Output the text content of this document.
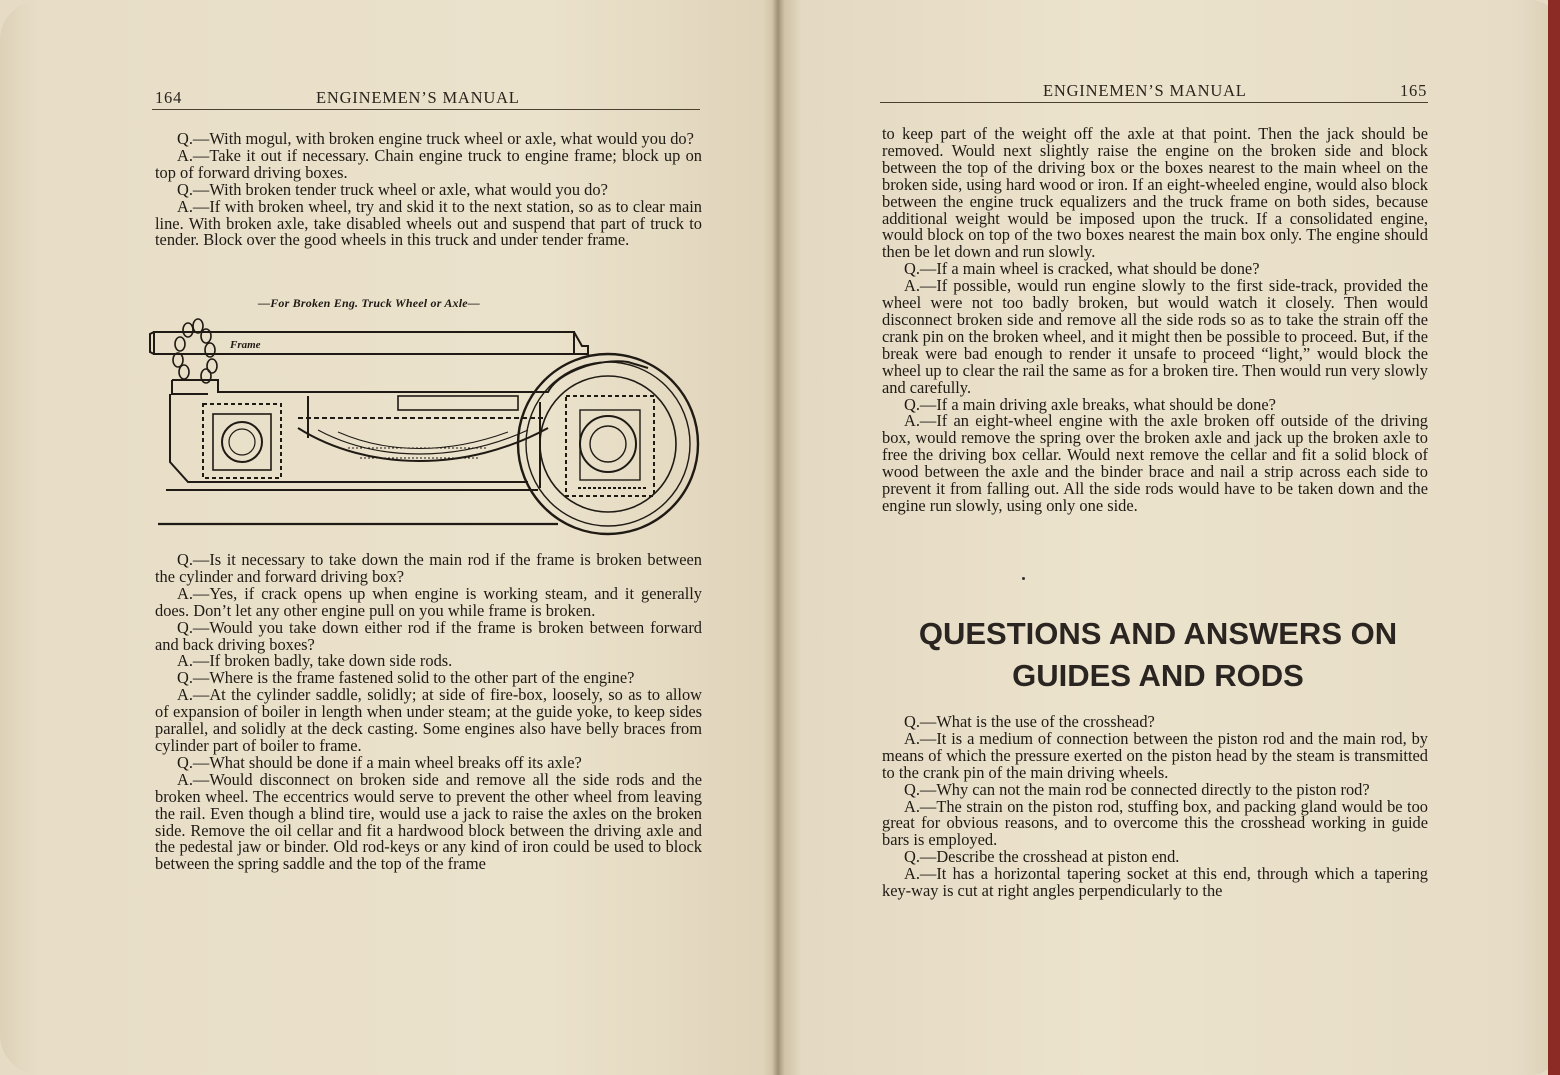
164	ENGINEMEN’S MANUAL

Q.—With mogul, with broken engine truck wheel or axle, what would you do?

A.—Take it out if necessary. Chain engine truck to engine frame; block up on top of forward driving boxes.

Q.—With broken tender truck wheel or axle, what would you do?

A.—If with broken wheel, try and skid it to the next station, so as to clear main line. With broken axle, take disabled wheels out and suspend that part of truck to tender. Block over the good wheels in this truck and under tender frame.

—For Broken Eng. Truck Wheel or Axle—
Frame

Q.—Is it necessary to take down the main rod if the frame is broken between the cylinder and forward driving box?

A.—Yes, if crack opens up when engine is working steam, and it generally does. Don’t let any other engine pull on you while frame is broken.

Q.—Would you take down either rod if the frame is broken between forward and back driving boxes?

A.—If broken badly, take down side rods.

Q.—Where is the frame fastened solid to the other part of the engine?

A.—At the cylinder saddle, solidly; at side of fire-box, loosely, so as to allow of expansion of boiler in length when under steam; at the guide yoke, to keep sides parallel, and solidly at the deck casting. Some engines also have belly braces from cylinder part of boiler to frame.

Q.—What should be done if a main wheel breaks off its axle?

A.—Would disconnect on broken side and remove all the side rods and the broken wheel. The eccentrics would serve to prevent the other wheel from leaving the rail. Even though a blind tire, would use a jack to raise the axles on the broken side. Remove the oil cellar and fit a hardwood block between the driving axle and the pedestal jaw or binder. Old rod-keys or any kind of iron could be used to block between the spring saddle and the top of the frame

ENGINEMEN’S MANUAL	165

to keep part of the weight off the axle at that point. Then the jack should be removed. Would next slightly raise the engine on the broken side and block between the top of the driving box or the boxes nearest to the main wheel on the broken side, using hard wood or iron. If an eight-wheeled engine, would also block between the engine truck equalizers and the truck frame on both sides, because additional weight would be imposed upon the truck. If a consolidated engine, would block on top of the two boxes nearest the main box only. The engine should then be let down and run slowly.

Q.—If a main wheel is cracked, what should be done?

A.—If possible, would run engine slowly to the first side-track, provided the wheel were not too badly broken, but would watch it closely. Then would disconnect broken side and remove all the side rods so as to take the strain off the crank pin on the broken wheel, and it might then be possible to proceed. But, if the break were bad enough to render it unsafe to proceed “light,” would block the wheel up to clear the rail the same as for a broken tire. Then would run very slowly and carefully.

Q.—If a main driving axle breaks, what should be done?

A.—If an eight-wheel engine with the axle broken off outside of the driving box, would remove the spring over the broken axle and jack up the broken axle to free the driving box cellar. Would next remove the cellar and fit a solid block of wood between the axle and the binder brace and nail a strip across each side to prevent it from falling out. All the side rods would have to be taken down and the engine run slowly, using only one side.

QUESTIONS AND ANSWERS ON
GUIDES AND RODS

Q.—What is the use of the crosshead?

A.—It is a medium of connection between the piston rod and the main rod, by means of which the pressure exerted on the piston head by the steam is transmitted to the crank pin of the main driving wheels.

Q.—Why can not the main rod be connected directly to the piston rod?

A.—The strain on the piston rod, stuffing box, and packing gland would be too great for obvious reasons, and to overcome this the crosshead working in guide bars is employed.

Q.—Describe the crosshead at piston end.

A.—It has a horizontal tapering socket at this end, through which a tapering key-way is cut at right angles perpendicularly to the
